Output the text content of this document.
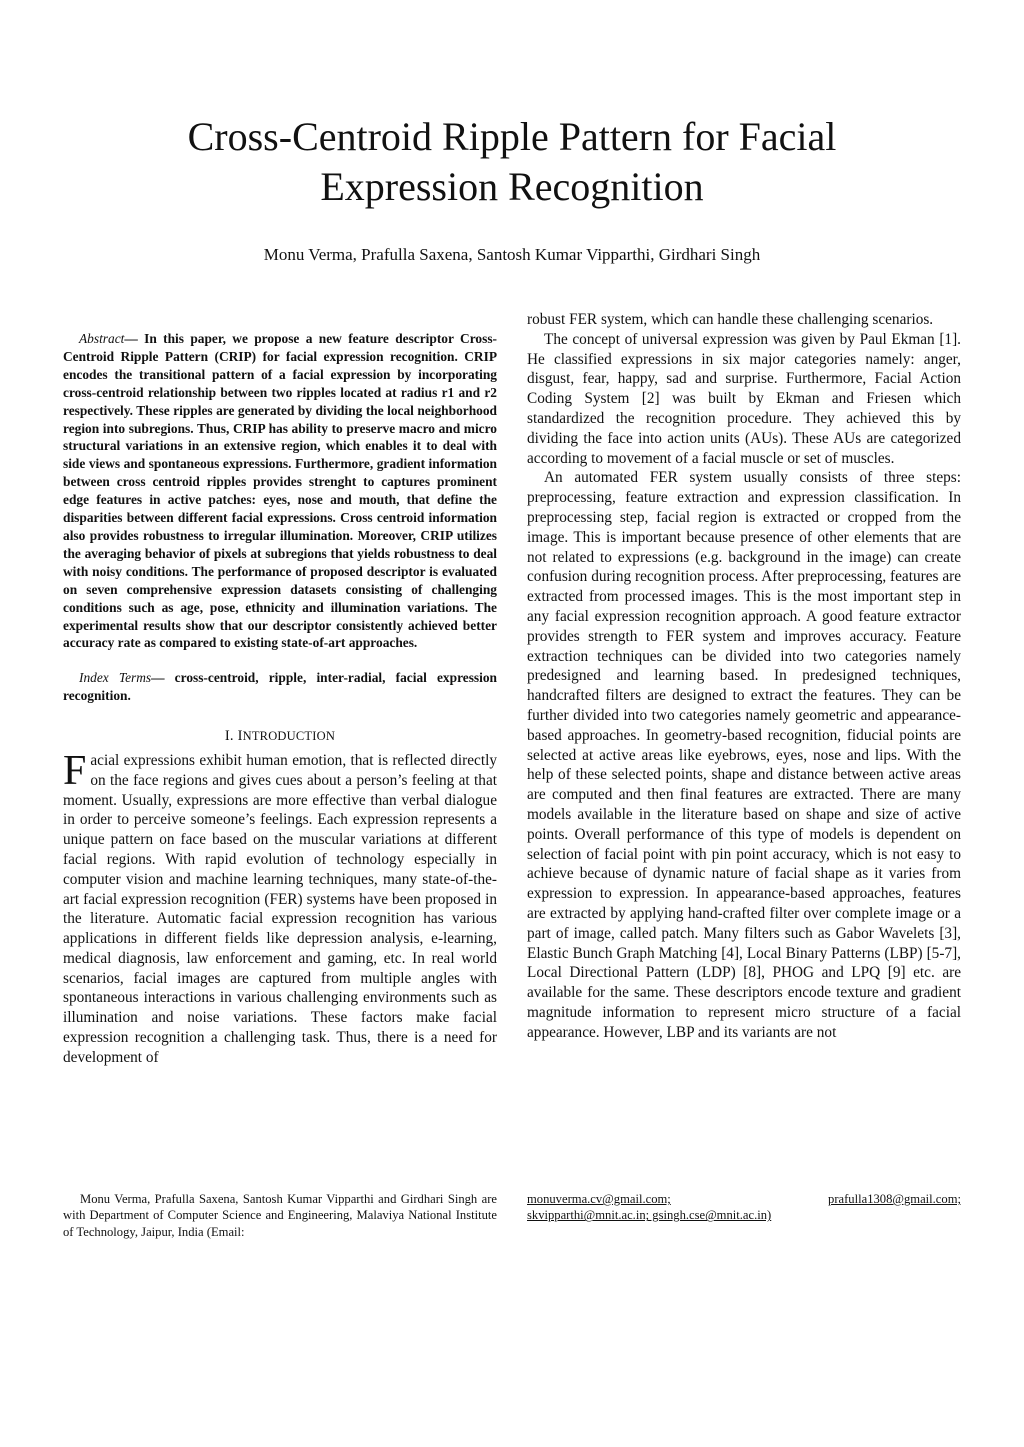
Cross-Centroid Ripple Pattern for Facial
Expression Recognition
Monu Verma, Prafulla Saxena, Santosh Kumar Vipparthi, Girdhari Singh

Abstract— In this paper, we propose a new feature descriptor Cross-Centroid Ripple Pattern (CRIP) for facial expression recognition. CRIP encodes the transitional pattern of a facial expression by incorporating cross-centroid relationship between two ripples located at radius r1 and r2 respectively. These ripples are generated by dividing the local neighborhood region into subregions. Thus, CRIP has ability to preserve macro and micro structural variations in an extensive region, which enables it to deal with side views and spontaneous expressions. Furthermore, gradient information between cross centroid ripples provides strenght to captures prominent edge features in active patches: eyes, nose and mouth, that define the disparities between different facial expressions. Cross centroid information also provides robustness to irregular illumination. Moreover, CRIP utilizes the averaging behavior of pixels at subregions that yields robustness to deal with noisy conditions. The performance of proposed descriptor is evaluated on seven comprehensive expression datasets consisting of challenging conditions such as age, pose, ethnicity and illumination variations. The experimental results show that our descriptor consistently achieved better accuracy rate as compared to existing state-of-art approaches.

Index Terms— cross-centroid, ripple, inter-radial, facial expression recognition.

I. INTRODUCTION

Facial expressions exhibit human emotion, that is reflected directly on the face regions and gives cues about a person’s feeling at that moment. Usually, expressions are more effective than verbal dialogue in order to perceive someone’s feelings. Each expression represents a unique pattern on face based on the muscular variations at different facial regions. With rapid evolution of technology especially in computer vision and machine learning techniques, many state-of-the-art facial expression recognition (FER) systems have been proposed in the literature. Automatic facial expression recognition has various applications in different fields like depression analysis, e-learning, medical diagnosis, law enforcement and gaming, etc. In real world scenarios, facial images are captured from multiple angles with spontaneous interactions in various challenging environments such as illumination and noise variations. These factors make facial expression recognition a challenging task. Thus, there is a need for development of

robust FER system, which can handle these challenging scenarios.

The concept of universal expression was given by Paul Ekman [1]. He classified expressions in six major categories namely: anger, disgust, fear, happy, sad and surprise. Furthermore, Facial Action Coding System [2] was built by Ekman and Friesen which standardized the recognition procedure. They achieved this by dividing the face into action units (AUs). These AUs are categorized according to movement of a facial muscle or set of muscles.

An automated FER system usually consists of three steps: preprocessing, feature extraction and expression classification. In preprocessing step, facial region is extracted or cropped from the image. This is important because presence of other elements that are not related to expressions (e.g. background in the image) can create confusion during recognition process. After preprocessing, features are extracted from processed images. This is the most important step in any facial expression recognition approach. A good feature extractor provides strength to FER system and improves accuracy. Feature extraction techniques can be divided into two categories namely predesigned and learning based. In predesigned techniques, handcrafted filters are designed to extract the features. They can be further divided into two categories namely geometric and appearance-based approaches. In geometry-based recognition, fiducial points are selected at active areas like eyebrows, eyes, nose and lips. With the help of these selected points, shape and distance between active areas are computed and then final features are extracted. There are many models available in the literature based on shape and size of active points. Overall performance of this type of models is dependent on selection of facial point with pin point accuracy, which is not easy to achieve because of dynamic nature of facial shape as it varies from expression to expression. In appearance-based approaches, features are extracted by applying hand-crafted filter over complete image or a part of image, called patch. Many filters such as Gabor Wavelets [3], Elastic Bunch Graph Matching [4], Local Binary Patterns (LBP) [5-7], Local Directional Pattern (LDP) [8], PHOG and LPQ [9] etc. are available for the same. These descriptors encode texture and gradient magnitude information to represent micro structure of a facial appearance. However, LBP and its variants are not

Monu Verma, Prafulla Saxena, Santosh Kumar Vipparthi and Girdhari Singh are with Department of Computer Science and Engineering, Malaviya National Institute of Technology, Jaipur, India (Email:
monuverma.cv@gmail.com;	prafulla1308@gmail.com;
skvipparthi@mnit.ac.in; gsingh.cse@mnit.ac.in)
